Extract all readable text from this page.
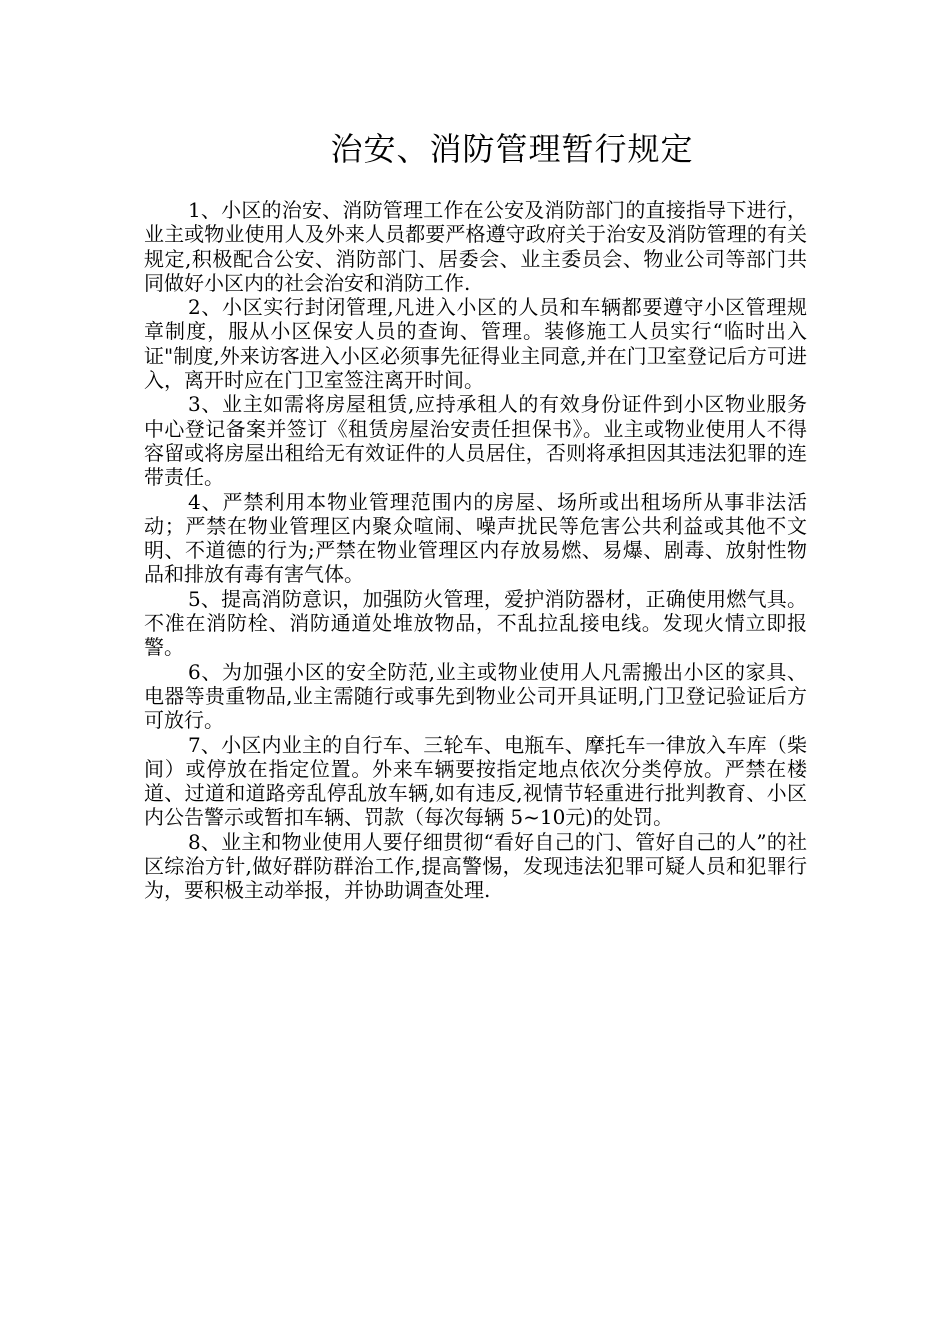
治安、消防管理暂行规定

1、小区的治安、消防管理工作在公安及消防部门的直接指导下进行，业主或物业使用人及外来人员都要严格遵守政府关于治安及消防管理的有关规定,积极配合公安、消防部门、居委会、业主委员会、物业公司等部门共同做好小区内的社会治安和消防工作.

2、小区实行封闭管理,凡进入小区的人员和车辆都要遵守小区管理规章制度，服从小区保安人员的查询、管理。装修施工人员实行“临时出入证"制度,外来访客进入小区必须事先征得业主同意,并在门卫室登记后方可进入，离开时应在门卫室签注离开时间。

3、业主如需将房屋租赁,应持承租人的有效身份证件到小区物业服务中心登记备案并签订《租赁房屋治安责任担保书》。业主或物业使用人不得容留或将房屋出租给无有效证件的人员居住，否则将承担因其违法犯罪的连带责任。

4、严禁利用本物业管理范围内的房屋、场所或出租场所从事非法活动；严禁在物业管理区内聚众喧闹、噪声扰民等危害公共利益或其他不文明、不道德的行为;严禁在物业管理区内存放易燃、易爆、剧毒、放射性物品和排放有毒有害气体。

5、提高消防意识，加强防火管理，爱护消防器材，正确使用燃气具。不准在消防栓、消防通道处堆放物品，不乱拉乱接电线。发现火情立即报警。

6、为加强小区的安全防范,业主或物业使用人凡需搬出小区的家具、电器等贵重物品,业主需随行或事先到物业公司开具证明,门卫登记验证后方可放行。

7、小区内业主的自行车、三轮车、电瓶车、摩托车一律放入车库（柴间）或停放在指定位置。外来车辆要按指定地点依次分类停放。严禁在楼道、过道和道路旁乱停乱放车辆,如有违反,视情节轻重进行批判教育、小区内公告警示或暂扣车辆、罚款（每次每辆 5~10元)的处罚。

8、业主和物业使用人要仔细贯彻“看好自己的门、管好自己的人”的社区综治方针,做好群防群治工作,提高警惕，发现违法犯罪可疑人员和犯罪行为，要积极主动举报，并协助调查处理.
